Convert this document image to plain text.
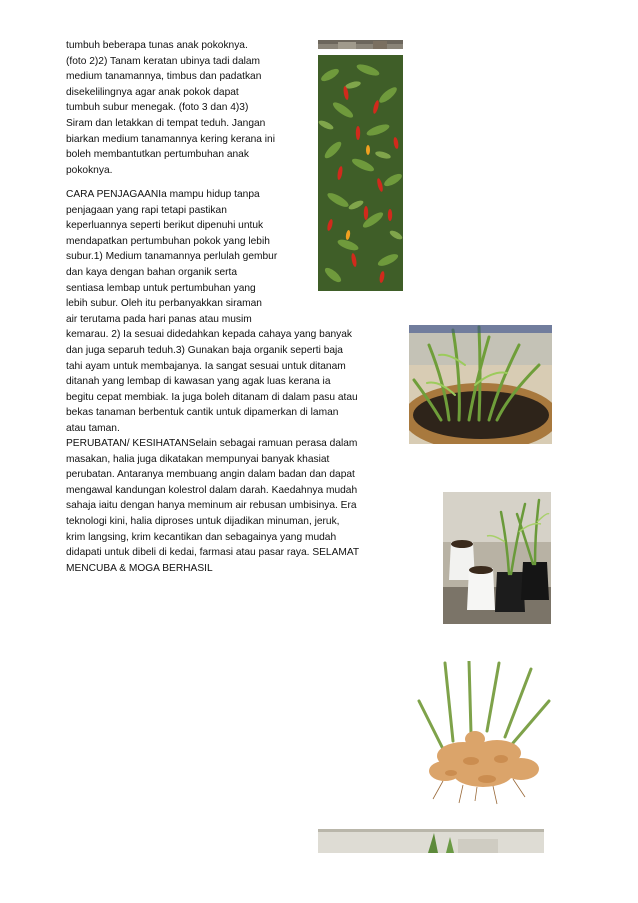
tumbuh beberapa tunas anak pokoknya.
(foto 2)2) Tanam keratan ubinya tadi dalam
medium tanamannya, timbus dan padatkan
disekelilingnya agar anak pokok dapat
tumbuh subur menegak. (foto 3 dan 4)3)
Siram dan letakkan di tempat teduh. Jangan
biarkan medium tanamannya kering kerana ini
boleh membantutkan pertumbuhan anak
pokoknya.
CARA PENJAGAANIa mampu hidup tanpa
penjagaan yang rapi tetapi pastikan
keperluannya seperti berikut dipenuhi untuk
mendapatkan pertumbuhan pokok yang lebih
subur.1) Medium tanamannya perlulah gembur
dan kaya dengan bahan organik serta
sentiasa lembap untuk pertumbuhan yang
lebih subur. Oleh itu perbanyakkan siraman
air terutama pada hari panas atau musim
kemarau. 2) Ia sesuai didedahkan kepada cahaya yang banyak
dan juga separuh teduh.3) Gunakan baja organik seperti baja
tahi ayam untuk membajanya. Ia sangat sesuai untuk ditanam
ditanah yang lembap di kawasan yang agak luas kerana ia
begitu cepat membiak. Ia juga boleh ditanam di dalam pasu atau
bekas tanaman berbentuk cantik untuk dipamerkan di laman
atau taman.
PERUBATAN/ KESIHATANSelain sebagai ramuan perasa dalam
masakan, halia juga dikatakan mempunyai banyak khasiat
perubatan. Antaranya membuang angin dalam badan dan dapat
mengawal kandungan kolestrol dalam darah. Kaedahnya mudah
sahaja iaitu dengan hanya meminum air rebusan umbisinya. Era
teknologi kini, halia diproses untuk dijadikan minuman, jeruk,
krim langsing, krim kecantikan dan sebagainya yang mudah
didapati untuk dibeli di kedai, farmasi atau pasar raya. SELAMAT
MENCUBA & MOGA BERHASIL
